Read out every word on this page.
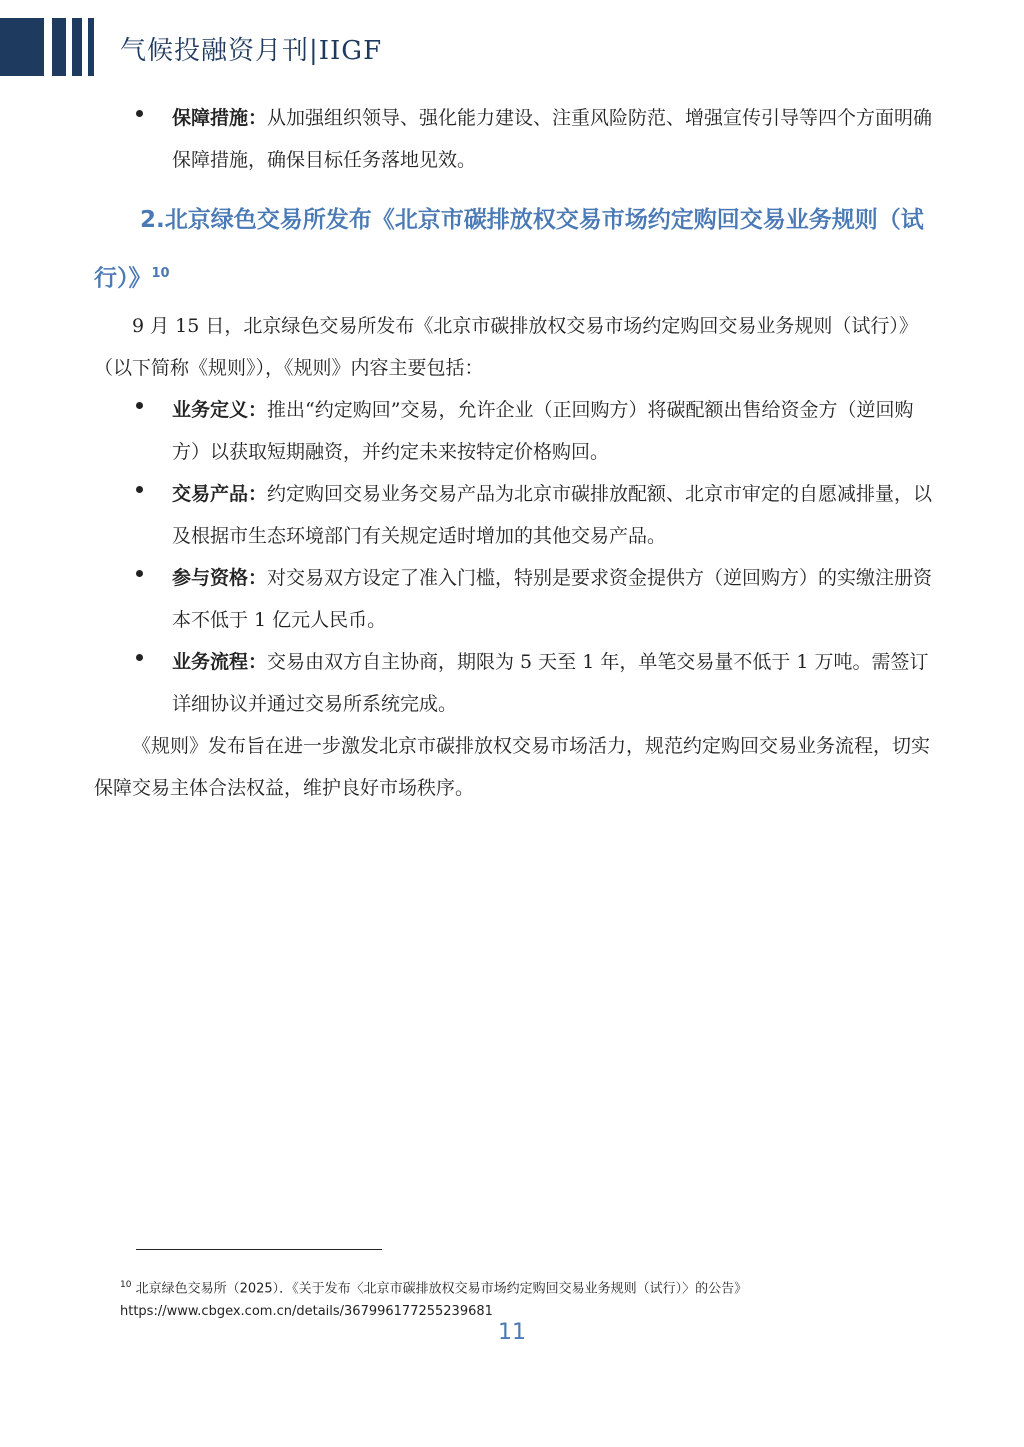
气候投融资月刊|IIGF
保障措施：从加强组织领导、强化能力建设、注重风险防范、增强宣传引导等四个方面明确保障措施，确保目标任务落地见效。
2.北京绿色交易所发布《北京市碳排放权交易市场约定购回交易业务规则（试行）》$^{10}$
9 月 15 日，北京绿色交易所发布《北京市碳排放权交易市场约定购回交易业务规则（试行）》（以下简称《规则》），《规则》内容主要包括：
业务定义：推出“约定购回”交易，允许企业（正回购方）将碳配额出售给资金方（逆回购方）以获取短期融资，并约定未来按特定价格购回。
交易产品：约定购回交易业务交易产品为北京市碳排放配额、北京市审定的自愿减排量，以及根据市生态环境部门有关规定适时增加的其他交易产品。
参与资格：对交易双方设定了准入门槛，特别是要求资金提供方（逆回购方）的实缴注册资本不低于 1 亿元人民币。
业务流程：交易由双方自主协商，期限为 5 天至 1 年，单笔交易量不低于 1 万吨。需签订详细协议并通过交易所系统完成。
《规则》发布旨在进一步激发北京市碳排放权交易市场活力，规范约定购回交易业务流程，切实保障交易主体合法权益，维护良好市场秩序。
$^{10}$ 北京绿色交易所（2025）．《关于发布〈北京市碳排放权交易市场约定购回交易业务规则（试行）〉的公告》
https://www.cbgex.com.cn/details/367996177255239681
11
